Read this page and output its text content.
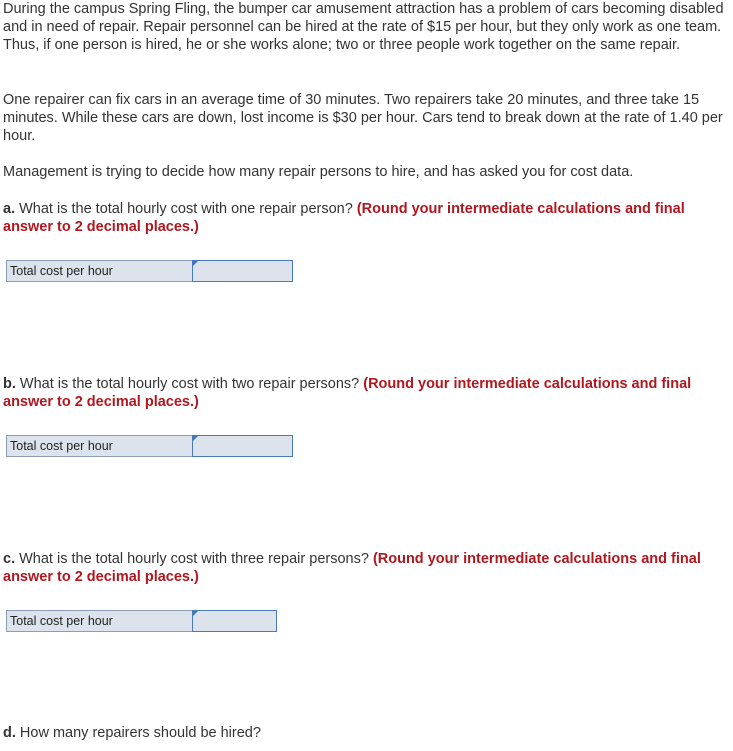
During the campus Spring Fling, the bumper car amusement attraction has a problem of cars becoming disabled and in need of repair. Repair personnel can be hired at the rate of $15 per hour, but they only work as one team. Thus, if one person is hired, he or she works alone; two or three people work together on the same repair.

One repairer can fix cars in an average time of 30 minutes. Two repairers take 20 minutes, and three take 15 minutes. While these cars are down, lost income is $30 per hour. Cars tend to break down at the rate of 1.40 per hour.

Management is trying to decide how many repair persons to hire, and has asked you for cost data.

a. What is the total hourly cost with one repair person? (Round your intermediate calculations and final answer to 2 decimal places.)

Total cost per hour

b. What is the total hourly cost with two repair persons? (Round your intermediate calculations and final answer to 2 decimal places.)

Total cost per hour

c. What is the total hourly cost with three repair persons? (Round your intermediate calculations and final answer to 2 decimal places.)

Total cost per hour

d. How many repairers should be hired?
